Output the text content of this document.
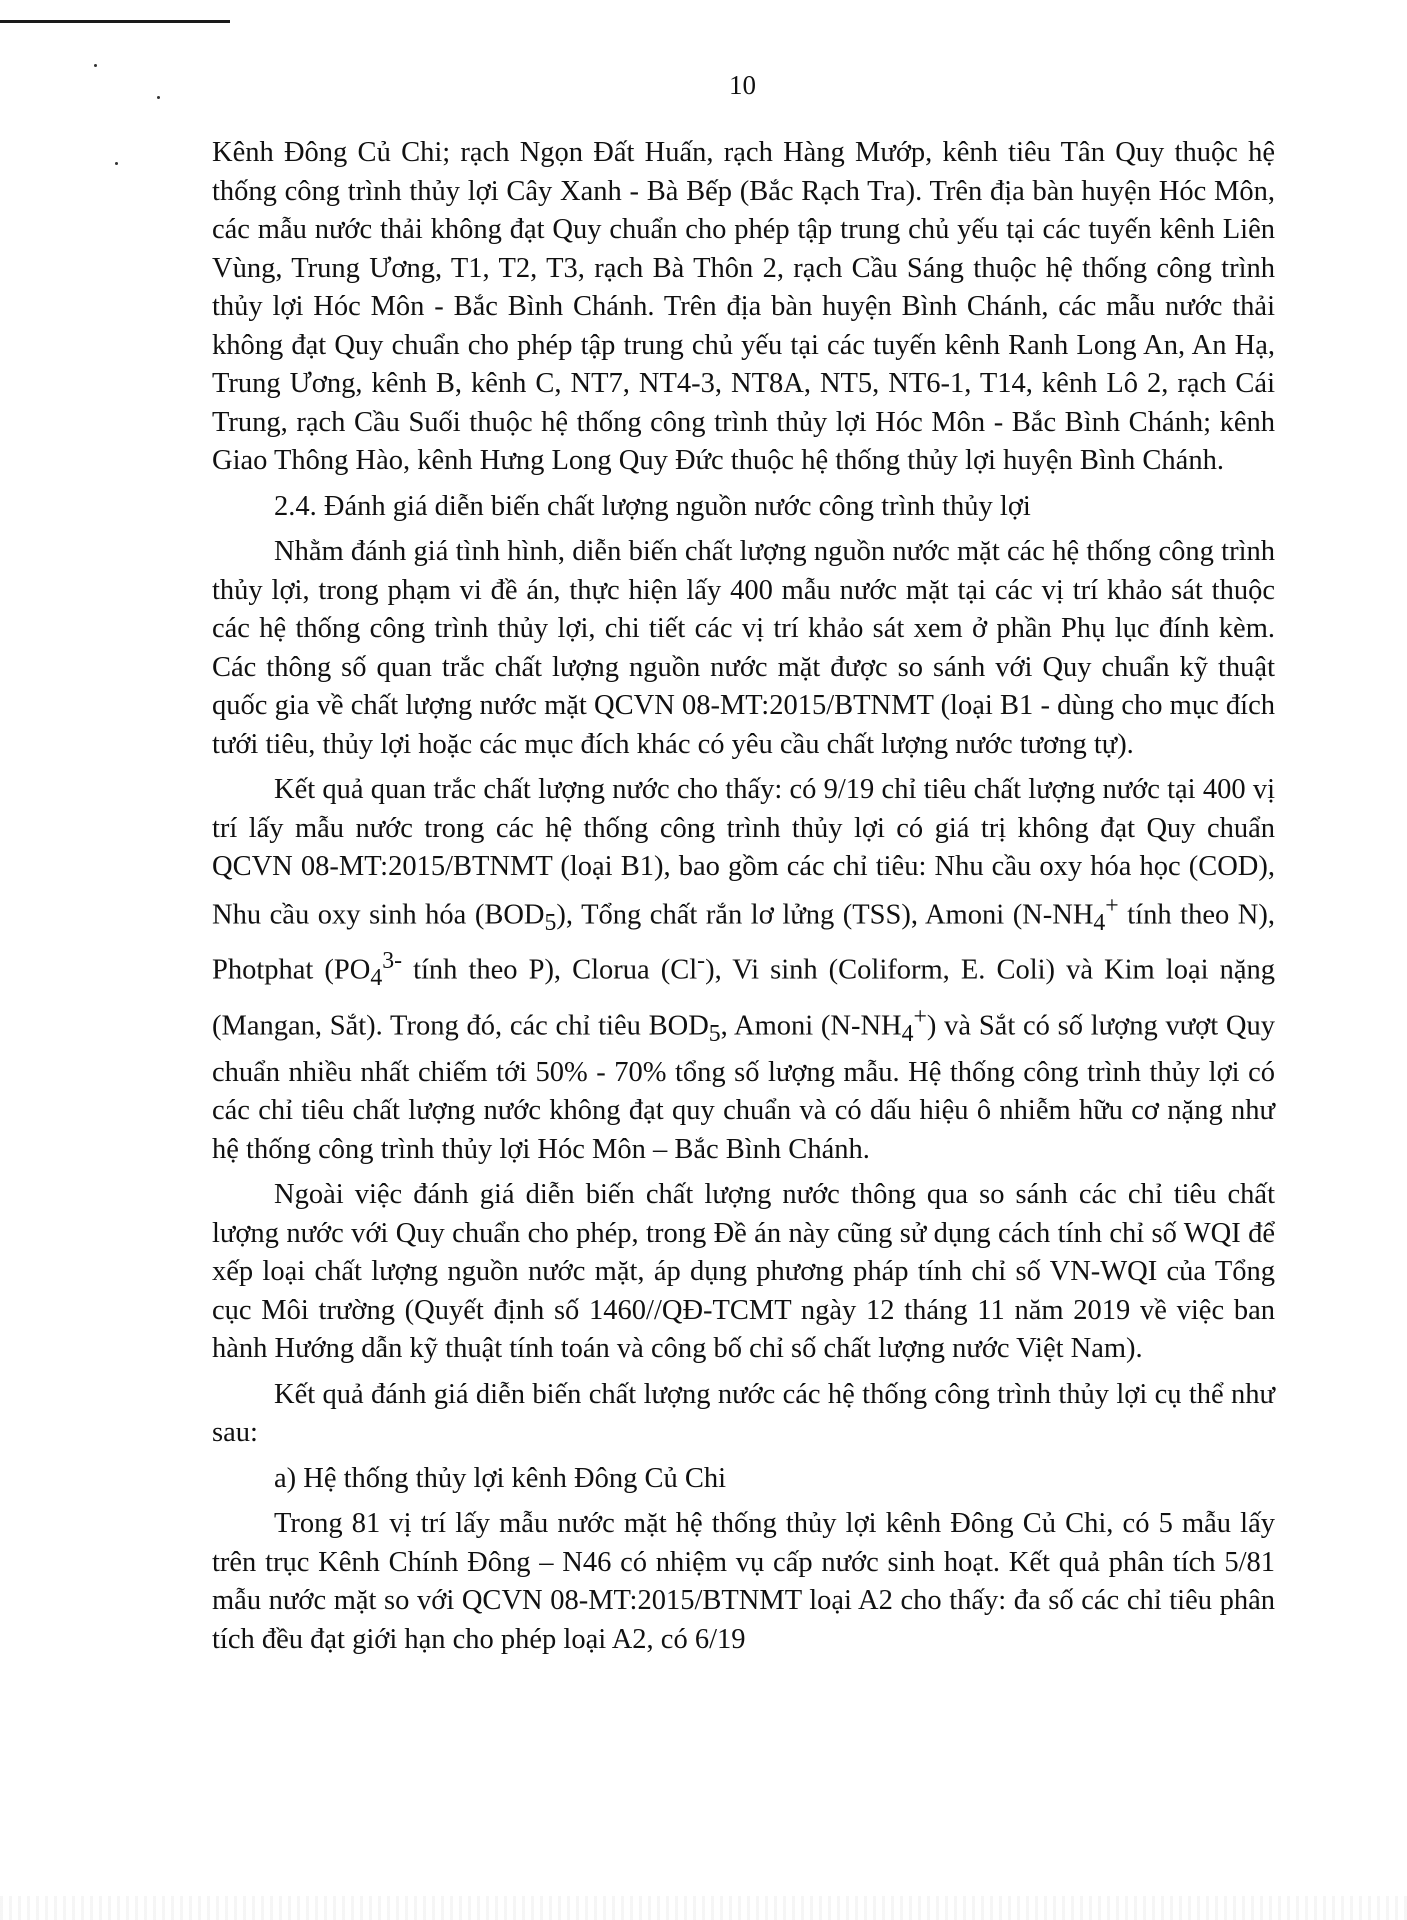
10

Kênh Đông Củ Chi; rạch Ngọn Đất Huấn, rạch Hàng Mướp, kênh tiêu Tân Quy thuộc hệ thống công trình thủy lợi Cây Xanh - Bà Bếp (Bắc Rạch Tra). Trên địa bàn huyện Hóc Môn, các mẫu nước thải không đạt Quy chuẩn cho phép tập trung chủ yếu tại các tuyến kênh Liên Vùng, Trung Ương, T1, T2, T3, rạch Bà Thôn 2, rạch Cầu Sáng thuộc hệ thống công trình thủy lợi Hóc Môn - Bắc Bình Chánh. Trên địa bàn huyện Bình Chánh, các mẫu nước thải không đạt Quy chuẩn cho phép tập trung chủ yếu tại các tuyến kênh Ranh Long An, An Hạ, Trung Ương, kênh B, kênh C, NT7, NT4-3, NT8A, NT5, NT6-1, T14, kênh Lô 2, rạch Cái Trung, rạch Cầu Suối thuộc hệ thống công trình thủy lợi Hóc Môn - Bắc Bình Chánh; kênh Giao Thông Hào, kênh Hưng Long Quy Đức thuộc hệ thống thủy lợi huyện Bình Chánh.

2.4. Đánh giá diễn biến chất lượng nguồn nước công trình thủy lợi

Nhằm đánh giá tình hình, diễn biến chất lượng nguồn nước mặt các hệ thống công trình thủy lợi, trong phạm vi đề án, thực hiện lấy 400 mẫu nước mặt tại các vị trí khảo sát thuộc các hệ thống công trình thủy lợi, chi tiết các vị trí khảo sát xem ở phần Phụ lục đính kèm. Các thông số quan trắc chất lượng nguồn nước mặt được so sánh với Quy chuẩn kỹ thuật quốc gia về chất lượng nước mặt QCVN 08-MT:2015/BTNMT (loại B1 - dùng cho mục đích tưới tiêu, thủy lợi hoặc các mục đích khác có yêu cầu chất lượng nước tương tự).

Kết quả quan trắc chất lượng nước cho thấy: có 9/19 chỉ tiêu chất lượng nước tại 400 vị trí lấy mẫu nước trong các hệ thống công trình thủy lợi có giá trị không đạt Quy chuẩn QCVN 08-MT:2015/BTNMT (loại B1), bao gồm các chỉ tiêu: Nhu cầu oxy hóa học (COD), Nhu cầu oxy sinh hóa $(BOD_5)$, Tổng chất rắn lơ lửng (TSS), Amoni ($N-NH_4^+$ tính theo N), Photphat ($PO_4^{3-}$ tính theo P), Clorua (Cl-), Vi sinh (Coliform, E. Coli) và Kim loại nặng (Mangan, Sắt). Trong đó, các chỉ tiêu $BOD_5$, Amoni $(N-NH_4^+)$ và Sắt có số lượng vượt Quy chuẩn nhiều nhất chiếm tới 50% - 70% tổng số lượng mẫu. Hệ thống công trình thủy lợi có các chỉ tiêu chất lượng nước không đạt quy chuẩn và có dấu hiệu ô nhiễm hữu cơ nặng như hệ thống công trình thủy lợi Hóc Môn – Bắc Bình Chánh.

Ngoài việc đánh giá diễn biến chất lượng nước thông qua so sánh các chỉ tiêu chất lượng nước với Quy chuẩn cho phép, trong Đề án này cũng sử dụng cách tính chỉ số WQI để xếp loại chất lượng nguồn nước mặt, áp dụng phương pháp tính chỉ số VN-WQI của Tổng cục Môi trường (Quyết định số 1460//QĐ-TCMT ngày 12 tháng 11 năm 2019 về việc ban hành Hướng dẫn kỹ thuật tính toán và công bố chỉ số chất lượng nước Việt Nam).

Kết quả đánh giá diễn biến chất lượng nước các hệ thống công trình thủy lợi cụ thể như sau:

a) Hệ thống thủy lợi kênh Đông Củ Chi

Trong 81 vị trí lấy mẫu nước mặt hệ thống thủy lợi kênh Đông Củ Chi, có 5 mẫu lấy trên trục Kênh Chính Đông – N46 có nhiệm vụ cấp nước sinh hoạt. Kết quả phân tích 5/81 mẫu nước mặt so với QCVN 08-MT:2015/BTNMT loại A2 cho thấy: đa số các chỉ tiêu phân tích đều đạt giới hạn cho phép loại A2, có 6/19
